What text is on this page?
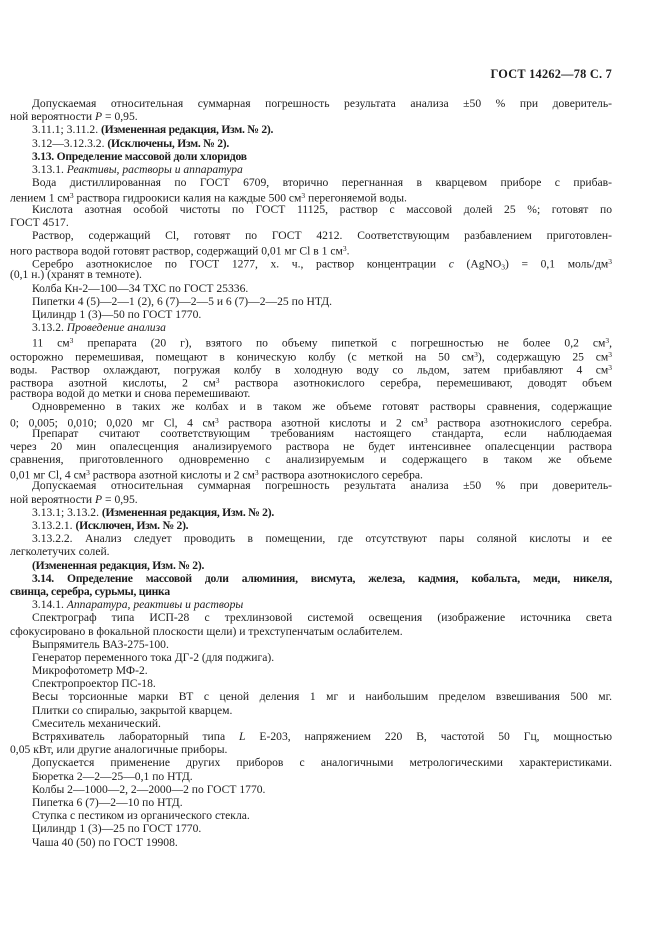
ГОСТ 14262—78 С. 7
Допускаемая относительная суммарная погрешность результата анализа ±50 % при доверитель-
ной вероятности P = 0,95.
3.11.1; 3.11.2. (Измененная редакция, Изм. № 2).
3.12—3.12.3.2. (Исключены, Изм. № 2).
3.13. Определение массовой доли хлоридов
3.13.1. Реактивы, растворы и аппаратура
Вода дистиллированная по ГОСТ 6709, вторично перегнанная в кварцевом приборе с прибав-
лением 1 $см^3$ раствора гидроокиси калия на каждые 500 $см^3$ перегоняемой воды.
Кислота азотная особой чистоты по ГОСТ 11125, раствор с массовой долей 25 %; готовят по
ГОСТ 4517.
Раствор, содержащий Cl, готовят по ГОСТ 4212. Соответствующим разбавлением приготовлен-
ного раствора водой готовят раствор, содержащий 0,01 мг Cl в 1 $см^3$.
Серебро азотнокислое по ГОСТ 1277, х. ч., раствор концентрации c (AgNO3) = 0,1 моль/$дм^3$
(0,1 н.) (хранят в темноте).
Колба Кн-2—100—34 ТХС по ГОСТ 25336.
Пипетки 4 (5)—2—1 (2), 6 (7)—2—5 и 6 (7)—2—25 по НТД.
Цилиндр 1 (3)—50 по ГОСТ 1770.
3.13.2. Проведение анализа
11 $см^3$ препарата (20 г), взятого по объему пипеткой с погрешностью не более 0,2 $см^3$,
осторожно перемешивая, помещают в коническую колбу (с меткой на 50 $см^3$), содержащую 25 $см^3$
воды. Раствор охлаждают, погружая колбу в холодную воду со льдом, затем прибавляют 4 $см^3$
раствора азотной кислоты, 2 $см^3$ раствора азотнокислого серебра, перемешивают, доводят объем
раствора водой до метки и снова перемешивают.
Одновременно в таких же колбах и в таком же объеме готовят растворы сравнения, содержащие
0; 0,005; 0,010; 0,020 мг Cl, 4 $см^3$ раствора азотной кислоты и 2 $см^3$ раствора азотнокислого серебра.
Препарат считают соответствующим требованиям настоящего стандарта, если наблюдаемая
через 20 мин опалесценция анализируемого раствора не будет интенсивнее опалесценции раствора
сравнения, приготовленного одновременно с анализируемым и содержащего в таком же объеме
0,01 мг Cl, 4 $см^3$ раствора азотной кислоты и 2 $см^3$ раствора азотнокислого серебра.
Допускаемая относительная суммарная погрешность результата анализа ±50 % при доверитель-
ной вероятности P = 0,95.
3.13.1; 3.13.2. (Измененная редакция, Изм. № 2).
3.13.2.1. (Исключен, Изм. № 2).
3.13.2.2. Анализ следует проводить в помещении, где отсутствуют пары соляной кислоты и ее
легколетучих солей.
(Измененная редакция, Изм. № 2).
3.14. Определение массовой доли алюминия, висмута, железа, кадмия, кобальта, меди, никеля,
свинца, серебра, сурьмы, цинка
3.14.1. Аппаратура, реактивы и растворы
Спектрограф типа ИСП-28 с трехлинзовой системой освещения (изображение источника света
сфокусировано в фокальной плоскости щели) и трехступенчатым ослабителем.
Выпрямитель ВАЗ-275-100.
Генератор переменного тока ДГ-2 (для поджига).
Микрофотометр МФ-2.
Спектропроектор ПС-18.
Весы торсионные марки ВТ с ценой деления 1 мг и наибольшим пределом взвешивания 500 мг.
Плитки со спиралью, закрытой кварцем.
Смеситель механический.
Встряхиватель лабораторный типа L Е-203, напряжением 220 В, частотой 50 Гц, мощностью
0,05 кВт, или другие аналогичные приборы.
Допускается применение других приборов с аналогичными метрологическими характеристиками.
Бюретка 2—2—25—0,1 по НТД.
Колбы 2—1000—2, 2—2000—2 по ГОСТ 1770.
Пипетка 6 (7)—2—10 по НТД.
Ступка с пестиком из органического стекла.
Цилиндр 1 (3)—25 по ГОСТ 1770.
Чаша 40 (50) по ГОСТ 19908.
